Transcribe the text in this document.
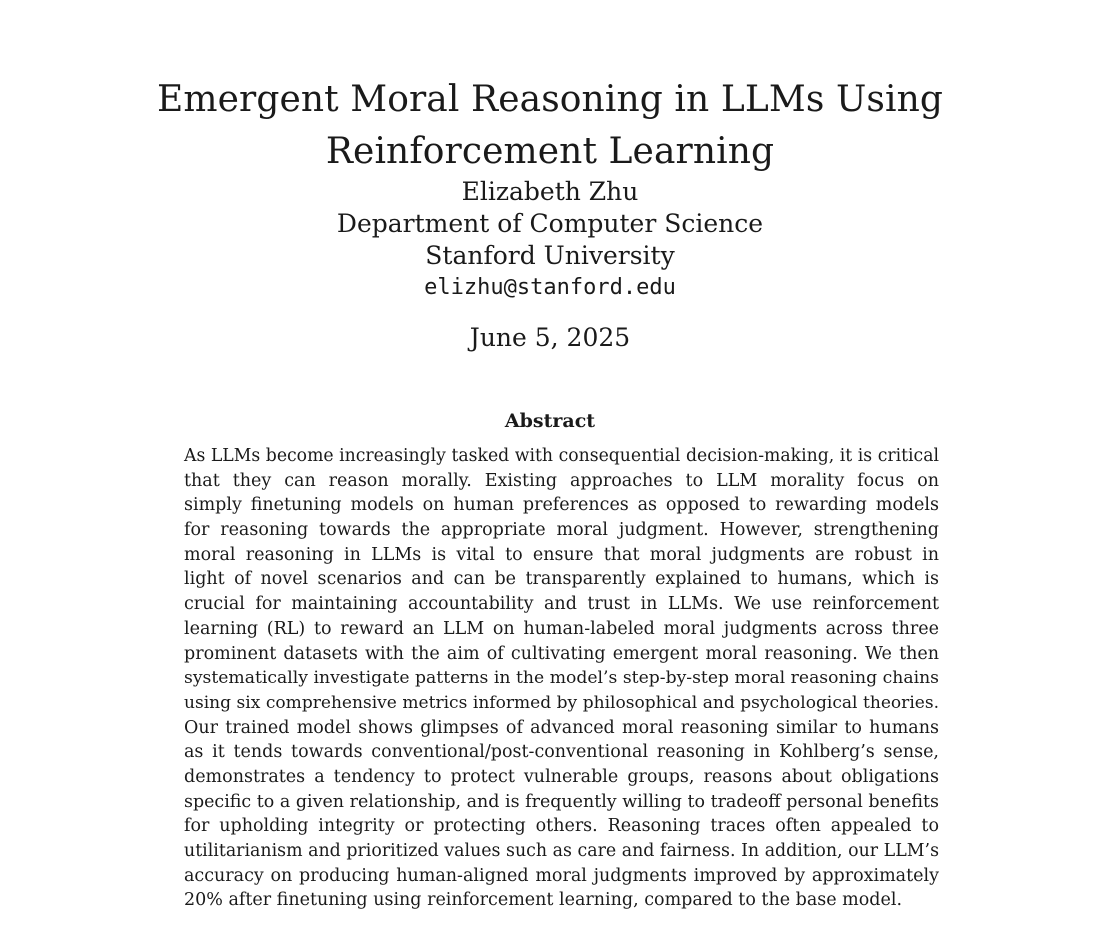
Emergent Moral Reasoning in LLMs Using
Reinforcement Learning
Elizabeth Zhu
Department of Computer Science
Stanford University
elizhu@stanford.edu
June 5, 2025
Abstract
As LLMs become increasingly tasked with consequential decision-making, it is critical
that they can reason morally. Existing approaches to LLM morality focus on
simply finetuning models on human preferences as opposed to rewarding models
for reasoning towards the appropriate moral judgment. However, strengthening
moral reasoning in LLMs is vital to ensure that moral judgments are robust in
light of novel scenarios and can be transparently explained to humans, which is
crucial for maintaining accountability and trust in LLMs. We use reinforcement
learning (RL) to reward an LLM on human-labeled moral judgments across three
prominent datasets with the aim of cultivating emergent moral reasoning. We then
systematically investigate patterns in the model’s step-by-step moral reasoning chains
using six comprehensive metrics informed by philosophical and psychological theories.
Our trained model shows glimpses of advanced moral reasoning similar to humans
as it tends towards conventional/post-conventional reasoning in Kohlberg’s sense,
demonstrates a tendency to protect vulnerable groups, reasons about obligations
specific to a given relationship, and is frequently willing to tradeoff personal benefits
for upholding integrity or protecting others. Reasoning traces often appealed to
utilitarianism and prioritized values such as care and fairness. In addition, our LLM’s
accuracy on producing human-aligned moral judgments improved by approximately
20% after finetuning using reinforcement learning, compared to the base model.
